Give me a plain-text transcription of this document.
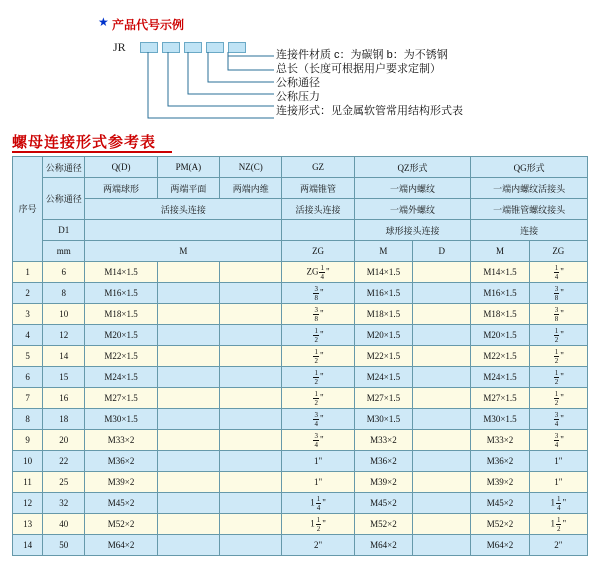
★ 产品代号示例
JR
连接件材质 c：为碳钢 b：为不锈钢
总长（长度可根据用户要求定制）
公称通径
公称压力
连接形式：见金属软管常用结构形式表
螺母连接形式参考表
序号	公称通径	Q(D)	PM(A)	NZ(C)	GZ	QZ形式		QG形式	
	公称通径	两端球形	两端平面	两端内维	两端锥管	一端内螺纹		一端内螺纹活接头	
		活接头连接			活接头连接	一端外螺纹		一端锥管螺纹接头	
	D1					球形接头连接		连接	
	mm	M			ZG	M	D	M	ZG
1	6	M14×1.5			ZG $\frac{1}{4}$ "	M14×1.5		M14×1.5	$\frac{1}{4}$ "
2	8	M16×1.5			$\frac{3}{8}$ "	M16×1.5		M16×1.5	$\frac{3}{8}$ "
3	10	M18×1.5			$\frac{3}{8}$ "	M18×1.5		M18×1.5	$\frac{3}{8}$ "
4	12	M20×1.5			$\frac{1}{2}$ "	M20×1.5		M20×1.5	$\frac{1}{2}$ "
5	14	M22×1.5			$\frac{1}{2}$ "	M22×1.5		M22×1.5	$\frac{1}{2}$ "
6	15	M24×1.5			$\frac{1}{2}$ "	M24×1.5		M24×1.5	$\frac{1}{2}$ "
7	16	M27×1.5			$\frac{1}{2}$ "	M27×1.5		M27×1.5	$\frac{1}{2}$ "
8	18	M30×1.5			$\frac{3}{4}$ "	M30×1.5		M30×1.5	$\frac{3}{4}$ "
9	20	M33×2			$\frac{3}{4}$ "	M33×2		M33×2	$\frac{3}{4}$ "
10	22	M36×2			1"	M36×2		M36×2	1"
11	25	M39×2			1"	M39×2		M39×2	1"
12	32	M45×2			$1 \frac{1}{4}$ "	M45×2		M45×2	$1 \frac{1}{4}$ "
13	40	M52×2			$1 \frac{1}{2}$ "	M52×2		M52×2	$1 \frac{1}{2}$ "
14	50	M64×2			2"	M64×2		M64×2	2"
